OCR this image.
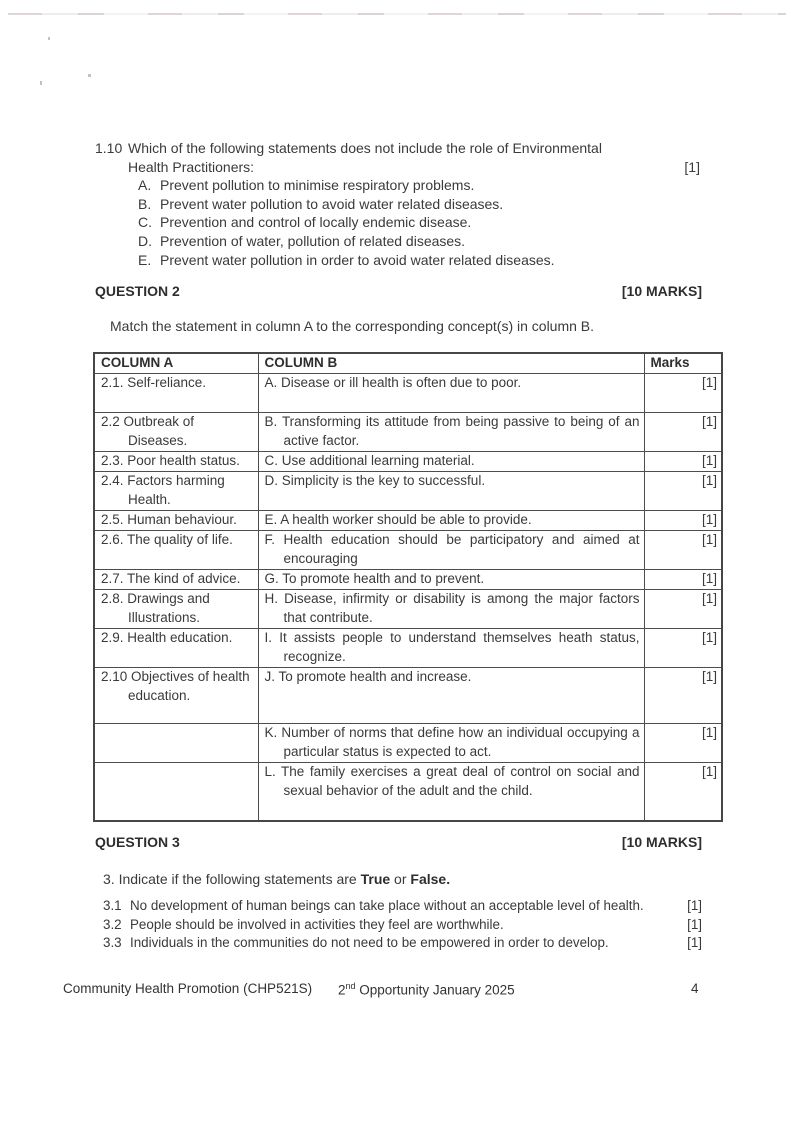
1.10 Which of the following statements does not include the role of Environmental
Health Practitioners:	[1]
A. Prevent pollution to minimise respiratory problems.
B. Prevent water pollution to avoid water related diseases.
C. Prevention and control of locally endemic disease.
D. Prevention of water, pollution of related diseases.
E. Prevent water pollution in order to avoid water related diseases.
QUESTION 2	[10 MARKS]
Match the statement in column A to the corresponding concept(s) in column B.
COLUMN A	COLUMN B	Marks

2.1. Self-reliance.	A. Disease or ill health is often due to poor.	[1]

2.2 Outbreak of Diseases.	B. Transforming its attitude from being passive to being of an active factor.	[1]

2.3. Poor health status.	C. Use additional learning material.	[1]

2.4. Factors harming Health.	D. Simplicity is the key to successful.	[1]

2.5. Human behaviour.	E. A health worker should be able to provide.	[1]

2.6. The quality of life.	F. Health education should be participatory and aimed at encouraging	[1]

2.7. The kind of advice.	G. To promote health and to prevent.	[1]

2.8. Drawings and Illustrations.	H. Disease, infirmity or disability is among the major factors that contribute.	[1]

2.9. Health education.	I. It assists people to understand themselves heath status, recognize.	[1]

2.10 Objectives of health education.	J. To promote health and increase.	[1]

	K. Number of norms that define how an individual occupying a particular status is expected to act.	[1]

	L. The family exercises a great deal of control on social and sexual behavior of the adult and the child.	[1]
QUESTION 3	[10 MARKS]
3. Indicate if the following statements are True or False.
3.1 No development of human beings can take place without an acceptable level of health.	[1]
3.2 People should be involved in activities they feel are worthwhile.	[1]
3.3 Individuals in the communities do not need to be empowered in order to develop.	[1]
Community Health Promotion (CHP521S) 2nd Opportunity January 2025	4
